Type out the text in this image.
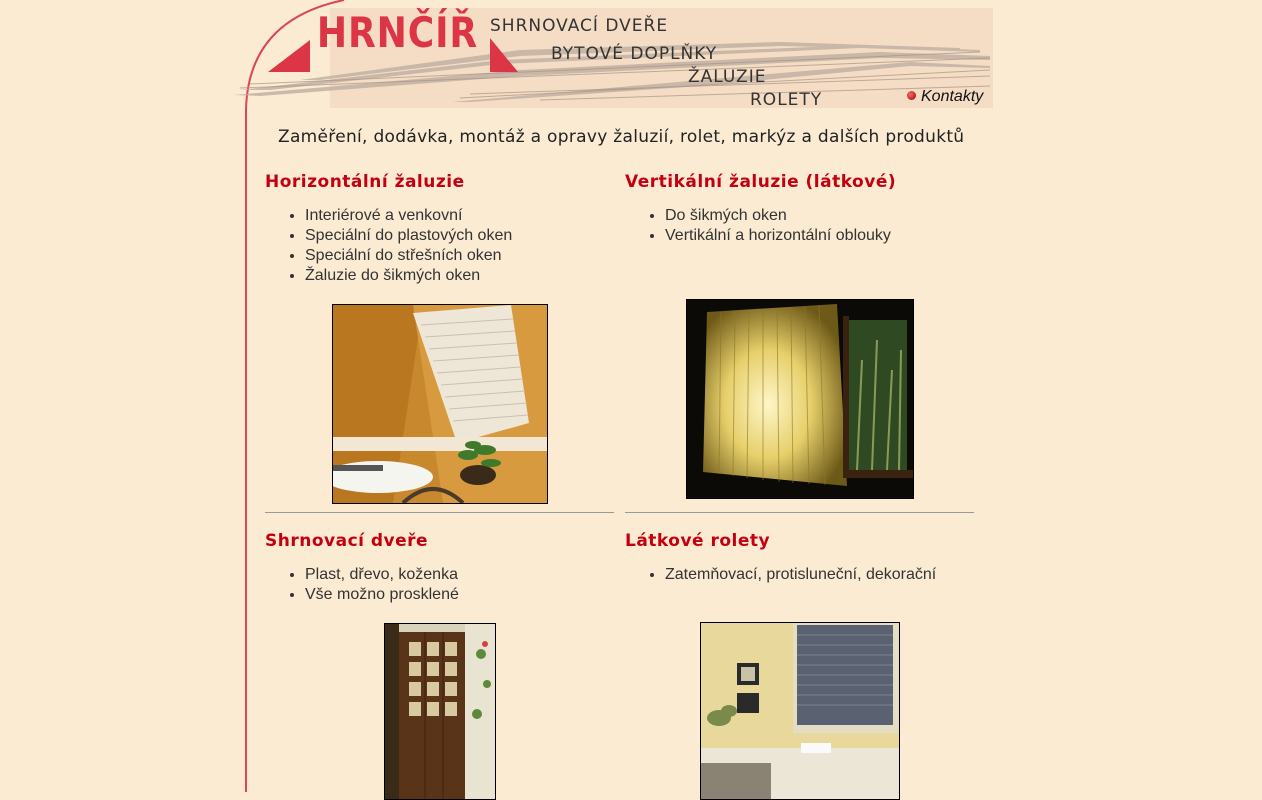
HRNČÍŘ SHRNOVACÍ DVEŘE
BYTOVÉ DOPLŇKY
ŽALUZIE
ROLETY	Kontakty
Zaměření, dodávka, montáž a opravy žaluzií, rolet, markýz a dalších produktů
Horizontální žaluzie
• Interiérové a venkovní
• Speciální do plastových oken
• Speciální do střešních oken
• Žaluzie do šikmých oken
Vertikální žaluzie (látkové)
• Do šikmých oken
• Vertikální a horizontální oblouky
Shrnovací dveře
• Plast, dřevo, koženka
• Vše možno prosklené
Látkové rolety
• Zatemňovací, protisluneční, dekorační
